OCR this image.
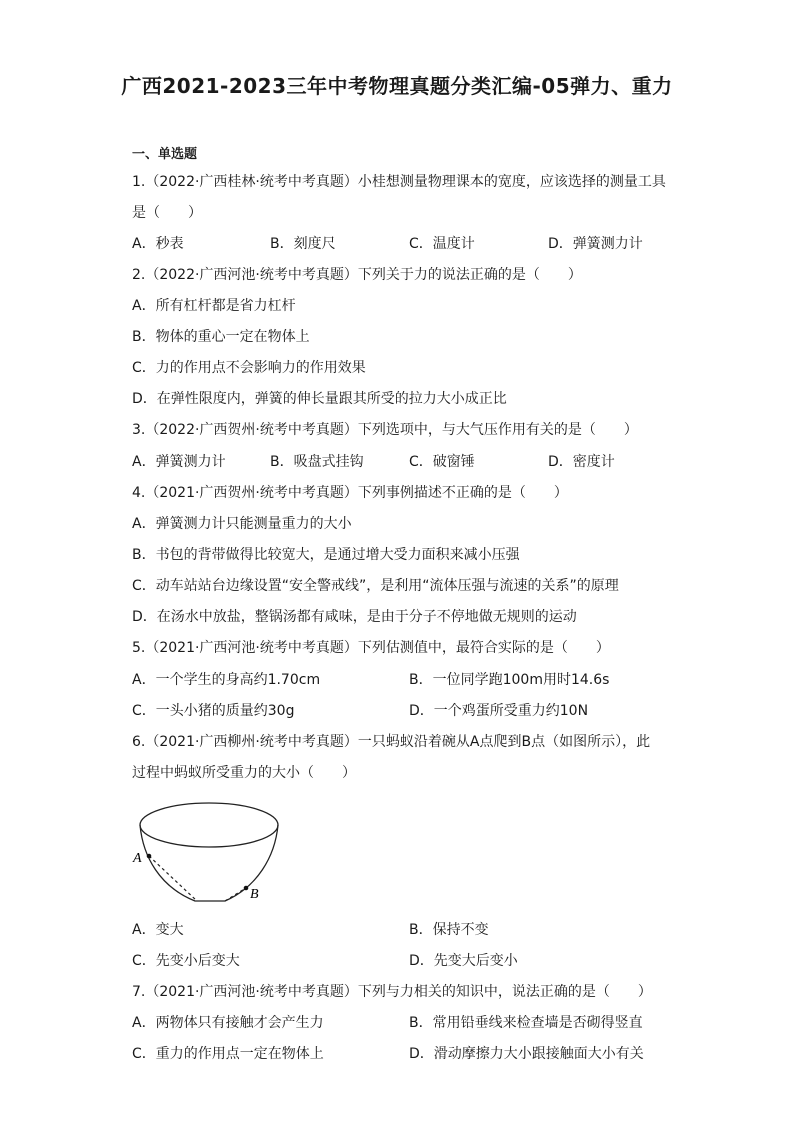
广西2021-2023三年中考物理真题分类汇编-05弹力、重力
一、单选题
1.（2022·广西桂林·统考中考真题）小桂想测量物理课本的宽度，应该选择的测量工具
是（　　）
A．秒表	B．刻度尺	C．温度计	D．弹簧测力计
2.（2022·广西河池·统考中考真题）下列关于力的说法正确的是（　　）
A．所有杠杆都是省力杠杆
B．物体的重心一定在物体上
C．力的作用点不会影响力的作用效果
D．在弹性限度内，弹簧的伸长量跟其所受的拉力大小成正比
3.（2022·广西贺州·统考中考真题）下列选项中，与大气压作用有关的是（　　）
A．弹簧测力计	B．吸盘式挂钩	C．破窗锤	D．密度计
4.（2021·广西贺州·统考中考真题）下列事例描述不正确的是（　　）
A．弹簧测力计只能测量重力的大小
B．书包的背带做得比较宽大，是通过增大受力面积来减小压强
C．动车站站台边缘设置“安全警戒线”，是利用“流体压强与流速的关系”的原理
D．在汤水中放盐，整锅汤都有咸味，是由于分子不停地做无规则的运动
5.（2021·广西河池·统考中考真题）下列估测值中，最符合实际的是（　　）
A．一个学生的身高约1.70cm	B．一位同学跑100m用时14.6s
C．一头小猪的质量约30g	D．一个鸡蛋所受重力约10N
6.（2021·广西柳州·统考中考真题）一只蚂蚁沿着碗从A点爬到B点（如图所示），此
过程中蚂蚁所受重力的大小（　　）
A
B
A．变大	B．保持不变
C．先变小后变大	D．先变大后变小
7.（2021·广西河池·统考中考真题）下列与力相关的知识中，说法正确的是（　　）
A．两物体只有接触才会产生力	B．常用铅垂线来检查墙是否砌得竖直
C．重力的作用点一定在物体上	D．滑动摩擦力大小跟接触面大小有关
